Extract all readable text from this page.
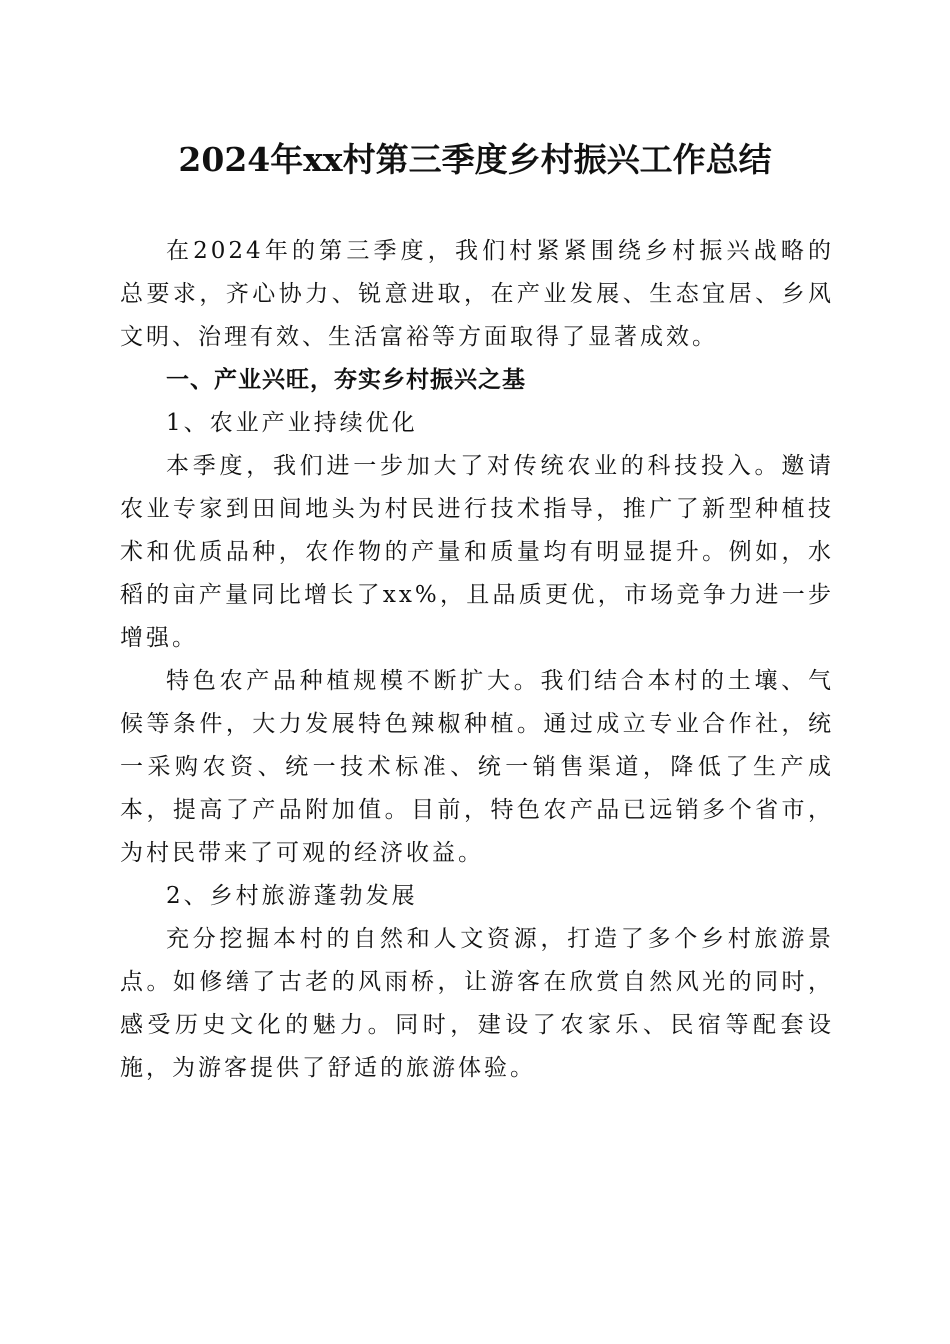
2024年xx村第三季度乡村振兴工作总结

在2024年的第三季度，我们村紧紧围绕乡村振兴战略的总要求，齐心协力、锐意进取，在产业发展、生态宜居、乡风文明、治理有效、生活富裕等方面取得了显著成效。

一、产业兴旺，夯实乡村振兴之基
1、农业产业持续优化

本季度，我们进一步加大了对传统农业的科技投入。邀请农业专家到田间地头为村民进行技术指导，推广了新型种植技术和优质品种，农作物的产量和质量均有明显提升。例如，水稻的亩产量同比增长了xx%，且品质更优，市场竞争力进一步增强。

特色农产品种植规模不断扩大。我们结合本村的土壤、气候等条件，大力发展特色辣椒种植。通过成立专业合作社，统一采购农资、统一技术标准、统一销售渠道，降低了生产成本，提高了产品附加值。目前，特色农产品已远销多个省市，为村民带来了可观的经济收益。

2、乡村旅游蓬勃发展

充分挖掘本村的自然和人文资源，打造了多个乡村旅游景点。如修缮了古老的风雨桥，让游客在欣赏自然风光的同时，感受历史文化的魅力。同时，建设了农家乐、民宿等配套设施，为游客提供了舒适的旅游体验。
